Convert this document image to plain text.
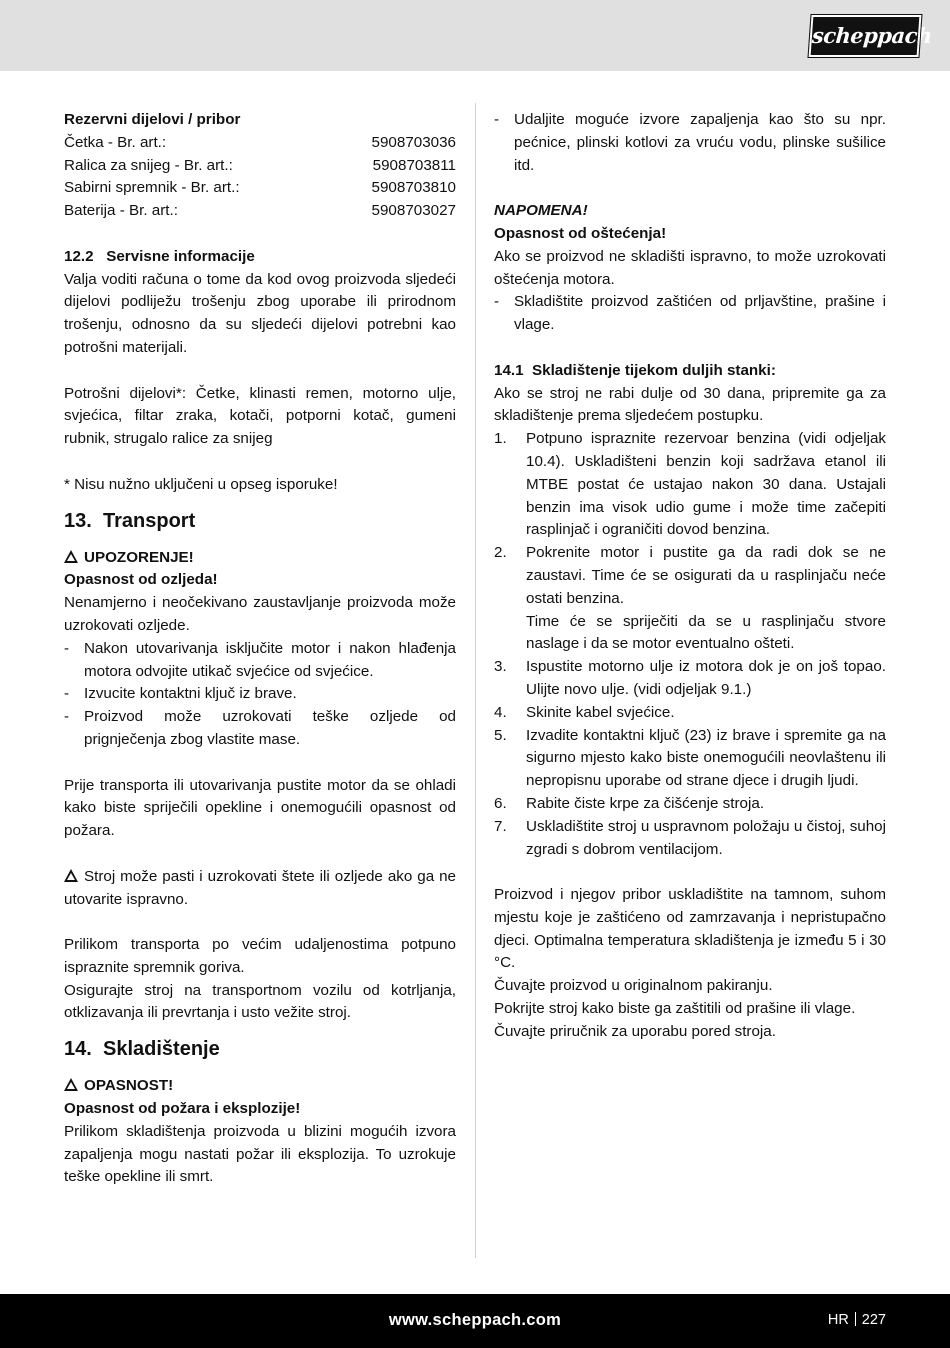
scheppach
Rezervni dijelovi / pribor
Četka - Br. art.:	5908703036
Ralica za snijeg - Br. art.:	5908703811
Sabirni spremnik - Br. art.:	5908703810
Baterija - Br. art.:	5908703027
12.2   Servisne informacije

Valja voditi računa o tome da kod ovog proizvoda sljedeći dijelovi podliježu trošenju zbog uporabe ili prirodnom trošenju, odnosno da su sljedeći dijelovi potrebni kao potrošni materijali.

Potrošni dijelovi*: Četke, klinasti remen, motorno ulje, svjećica, filtar zraka, kotači, potporni kotač, gumeni rubnik, strugalo ralice za snijeg

* Nisu nužno uključeni u opseg isporuke!

13. Transport
UPOZORENJE!
Opasnost od ozljeda!

Nenamjerno i neočekivano zaustavljanje proizvoda može uzrokovati ozljede.

- Nakon utovarivanja isključite motor i nakon hlađenja motora odvojite utikač svjećice od svjećice.
- Izvucite kontaktni ključ iz brave.
- Proizvod može uzrokovati teške ozljede od prignječenja zbog vlastite mase.

Prije transporta ili utovarivanja pustite motor da se ohladi kako biste spriječili opekline i onemogućili opasnost od požara.

Stroj može pasti i uzrokovati štete ili ozljede ako ga ne utovarite ispravno.

Prilikom transporta po većim udaljenostima potpuno ispraznite spremnik goriva.

Osigurajte stroj na transportnom vozilu od kotrljanja, otklizavanja ili prevrtanja i usto vežite stroj.

14. Skladištenje
OPASNOST!
Opasnost od požara i eksplozije!

Prilikom skladištenja proizvoda u blizini mogućih izvora zapaljenja mogu nastati požar ili eksplozija. To uzrokuje teške opekline ili smrt.

- Udaljite moguće izvore zapaljenja kao što su npr. pećnice, plinski kotlovi za vruću vodu, plinske sušilice itd.
NAPOMENA!
Opasnost od oštećenja!

Ako se proizvod ne skladišti ispravno, to može uzrokovati oštećenja motora.

- Skladištite proizvod zaštićen od prljavštine, prašine i vlage.
14.1  Skladištenje tijekom duljih stanki:

Ako se stroj ne rabi dulje od 30 dana, pripremite ga za skladištenje prema sljedećem postupku.

1.	Potpuno ispraznite rezervoar benzina (vidi odjeljak 10.4). Uskladišteni benzin koji sadržava etanol ili MTBE postat će ustajao nakon 30 dana. Ustajali benzin ima visok udio gume i može time začepiti rasplinjač i ograničiti dovod benzina.
2.	Pokrenite motor i pustite ga da radi dok se ne zaustavi. Time će se osigurati da u rasplinjaču neće ostati benzina.
Time će se spriječiti da se u rasplinjaču stvore naslage i da se motor eventualno ošteti.
3.	Ispustite motorno ulje iz motora dok je on još topao. Ulijte novo ulje. (vidi odjeljak 9.1.)
4.	Skinite kabel svjećice.
5.	Izvadite kontaktni ključ (23) iz brave i spremite ga na sigurno mjesto kako biste onemogućili neovlaštenu ili nepropisnu uporabe od strane djece i drugih ljudi.
6.	Rabite čiste krpe za čišćenje stroja.
7.	Uskladištite stroj u uspravnom položaju u čistoj, suhoj zgradi s dobrom ventilacijom.

Proizvod i njegov pribor uskladištite na tamnom, suhom mjestu koje je zaštićeno od zamrzavanja i nepristupačno djeci. Optimalna temperatura skladištenja je između 5 i 30 °C.

Čuvajte proizvod u originalnom pakiranju.

Pokrijte stroj kako biste ga zaštitili od prašine ili vlage.

Čuvajte priručnik za uporabu pored stroja.

www.scheppach.com	HR 227
